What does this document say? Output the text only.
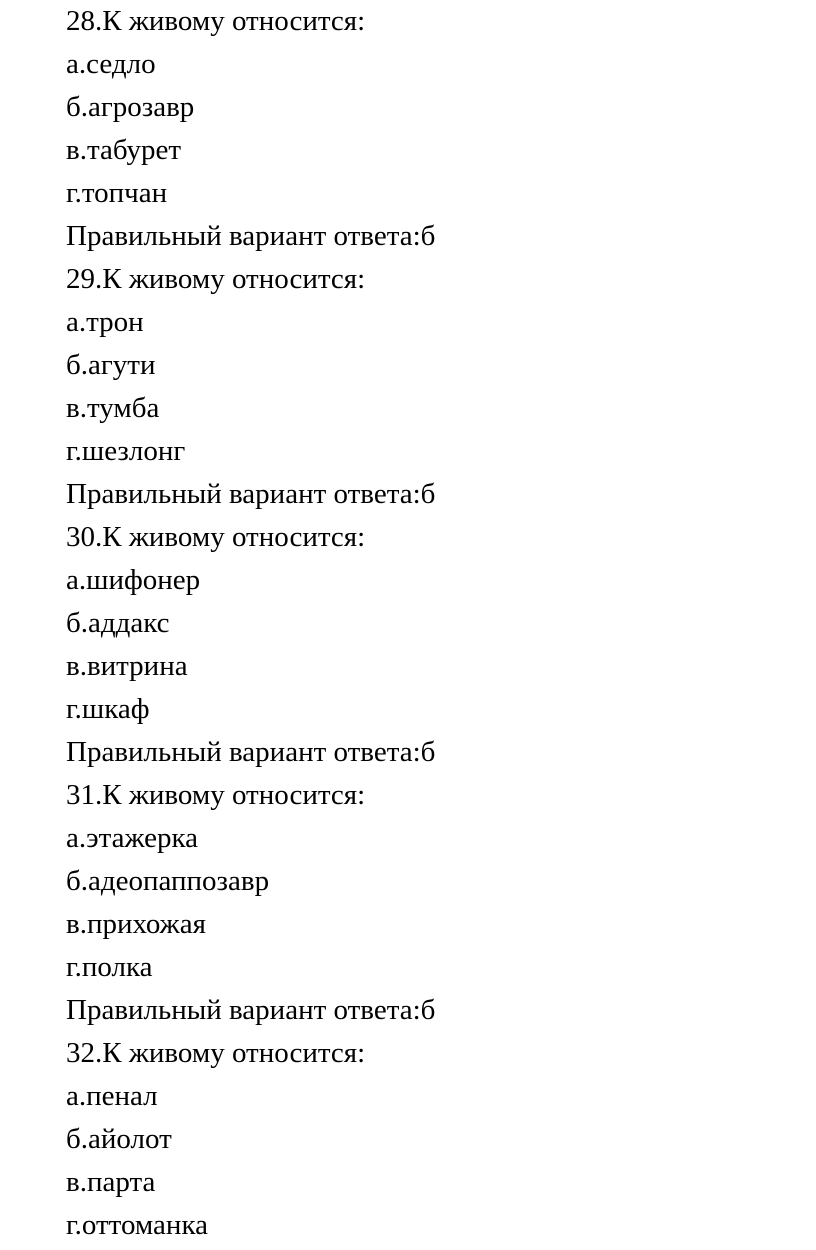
28.К живому относится:
а.седло
б.агрозавр
в.табурет
г.топчан
Правильный вариант ответа:б
29.К живому относится:
а.трон
б.агути
в.тумба
г.шезлонг
Правильный вариант ответа:б
30.К живому относится:
а.шифонер
б.аддакс
в.витрина
г.шкаф
Правильный вариант ответа:б
31.К живому относится:
а.этажерка
б.адеопаппозавр
в.прихожая
г.полка
Правильный вариант ответа:б
32.К живому относится:
а.пенал
б.айолот
в.парта
г.оттоманка
